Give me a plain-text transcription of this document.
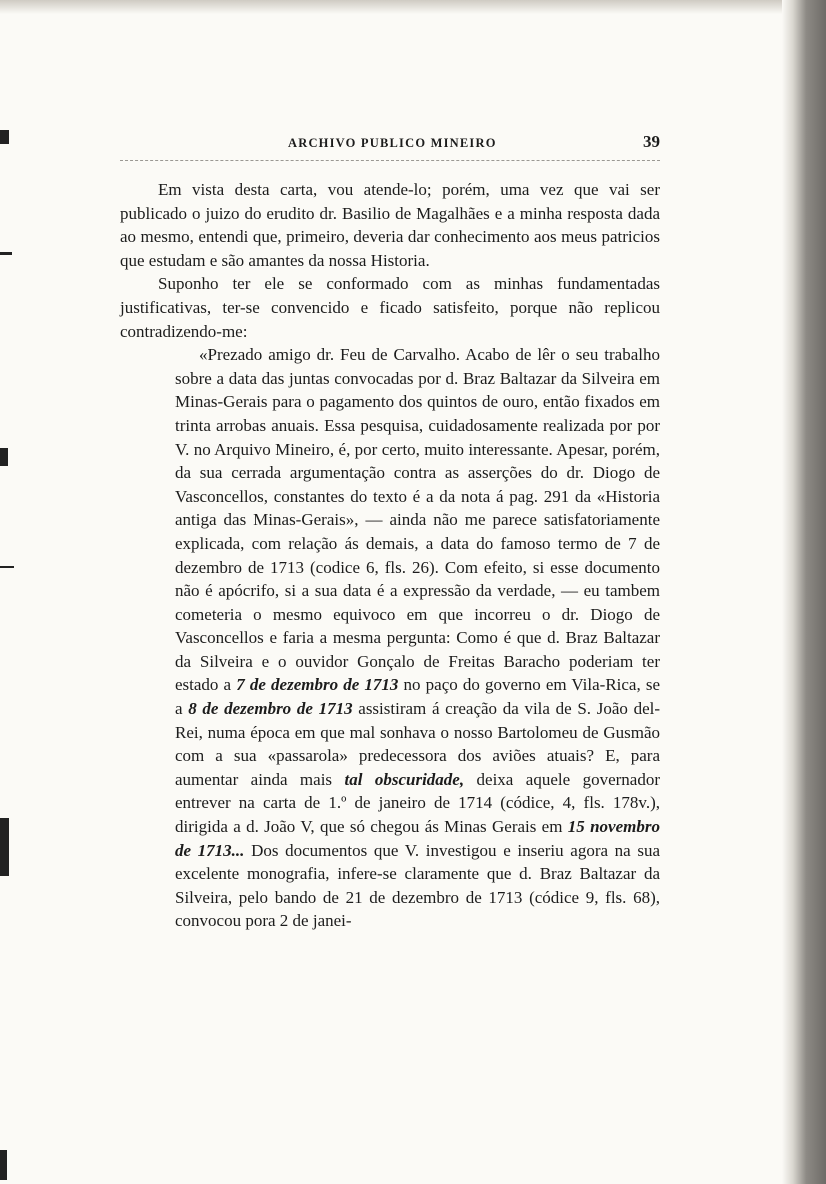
ARCHIVO PUBLICO MINEIRO	39

Em vista desta carta, vou atende-lo; porém, uma vez que vai ser publicado o juizo do erudito dr. Basilio de Magalhães e a minha resposta dada ao mesmo, entendi que, primeiro, deveria dar conhecimento aos meus patricios que estudam e são amantes da nossa Historia.

Suponho ter ele se conformado com as minhas fundamentadas justificativas, ter-se convencido e ficado satisfeito, porque não replicou contradizendo-me:

«Prezado amigo dr. Feu de Carvalho. Acabo de lêr o seu trabalho sobre a data das juntas convocadas por d. Braz Baltazar da Silveira em Minas-Gerais para o pagamento dos quintos de ouro, então fixados em trinta arrobas anuais. Essa pesquisa, cuidadosamente realizada por por V. no Arquivo Mineiro, é, por certo, muito interessante. Apesar, porém, da sua cerrada argumentação contra as asserções do dr. Diogo de Vasconcellos, constantes do texto é a da nota á pag. 291 da «Historia antiga das Minas-Gerais», — ainda não me parece satisfatoriamente explicada, com relação ás demais, a data do famoso termo de 7 de dezembro de 1713 (codice 6, fls. 26). Com efeito, si esse documento não é apócrifo, si a sua data é a expressão da verdade, — eu tambem cometeria o mesmo equivoco em que incorreu o dr. Diogo de Vasconcellos e faria a mesma pergunta: Como é que d. Braz Baltazar da Silveira e o ouvidor Gonçalo de Freitas Baracho poderiam ter estado a 7 de dezembro de 1713 no paço do governo em Vila-Rica, se a 8 de dezembro de 1713 assistiram á creação da vila de S. João del-Rei, numa época em que mal sonhava o nosso Bartolomeu de Gusmão com a sua «passarola» predecessora dos aviões atuais? E, para aumentar ainda mais tal obscuridade, deixa aquele governador entrever na carta de 1.º de janeiro de 1714 (códice, 4, fls. 178v.), dirigida a d. João V, que só chegou ás Minas Gerais em 15 novembro de 1713... Dos documentos que V. investigou e inseriu agora na sua excelente monografia, infere-se claramente que d. Braz Baltazar da Silveira, pelo bando de 21 de dezembro de 1713 (códice 9, fls. 68), convocou pora 2 de janei-
